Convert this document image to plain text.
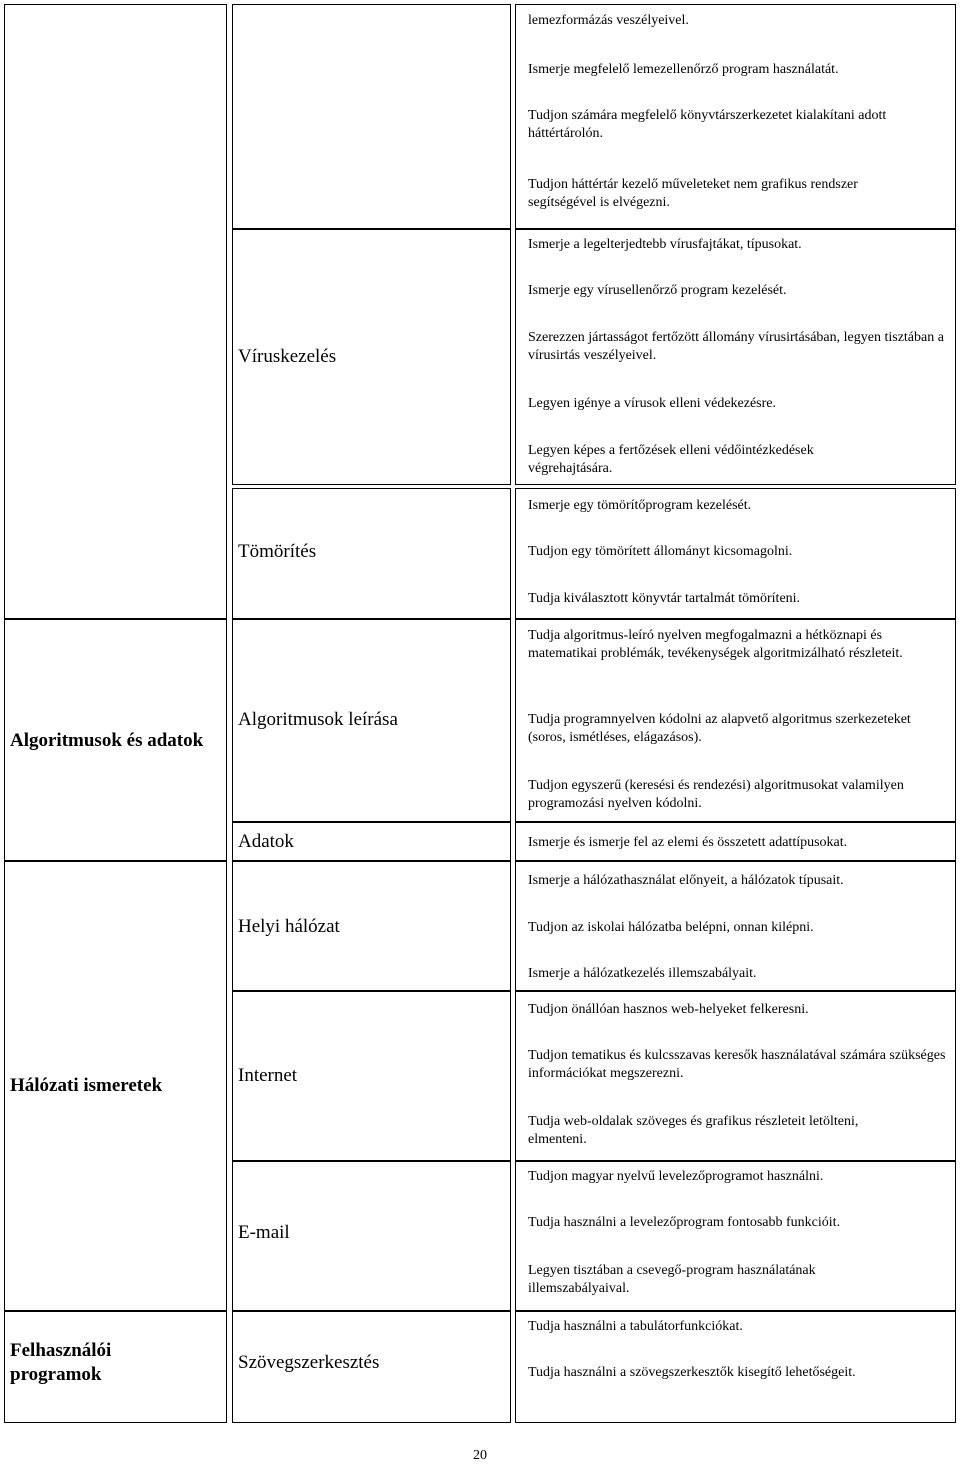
Algoritmusok és adatok
Hálózati ismeretek
Felhasználói programok
Víruskezelés
Tömörítés
Algoritmusok leírása
Adatok
Helyi hálózat
Internet
E-mail
Szövegszerkesztés
lemezformázás veszélyeivel.
Ismerje megfelelő lemezellenőrző program használatát.
Tudjon számára megfelelő könyvtárszerkezetet kialakítani adott háttértárolón.
Tudjon háttértár kezelő műveleteket nem grafikus rendszer segítségével is elvégezni.
Ismerje a legelterjedtebb vírusfajtákat, típusokat.
Ismerje egy vírusellenőrző program kezelését.
Szerezzen jártasságot fertőzött állomány vírusirtásában, legyen tisztában a vírusirtás veszélyeivel.
Legyen igénye a vírusok elleni védekezésre.
Legyen képes a fertőzések elleni védőintézkedések végrehajtására.
Ismerje egy tömörítőprogram kezelését.
Tudjon egy tömörített állományt kicsomagolni.
Tudja kiválasztott könyvtár tartalmát tömöríteni.
Tudja algoritmus-leíró nyelven megfogalmazni a hétköznapi és matematikai problémák, tevékenységek algoritmizálható részleteit.
Tudja programnyelven kódolni az alapvető algoritmus szerkezeteket (soros, ismétléses, elágazásos).
Tudjon egyszerű (keresési és rendezési) algoritmusokat valamilyen programozási nyelven kódolni.
Ismerje és ismerje fel az elemi és összetett adattípusokat.
Ismerje a hálózathasználat előnyeit, a hálózatok típusait.
Tudjon az iskolai hálózatba belépni, onnan kilépni.
Ismerje a hálózatkezelés illemszabályait.
Tudjon önállóan hasznos web-helyeket felkeresni.
Tudjon tematikus és kulcsszavas keresők használatával számára szükséges információkat megszerezni.
Tudja web-oldalak szöveges és grafikus részleteit letölteni, elmenteni.
Tudjon magyar nyelvű levelezőprogramot használni.
Tudja használni a levelezőprogram fontosabb funkcióit.
Legyen tisztában a csevegő-program használatának illemszabályaival.
Tudja használni a tabulátorfunkciókat.
Tudja használni a szövegszerkesztők kisegítő lehetőségeit.
20
